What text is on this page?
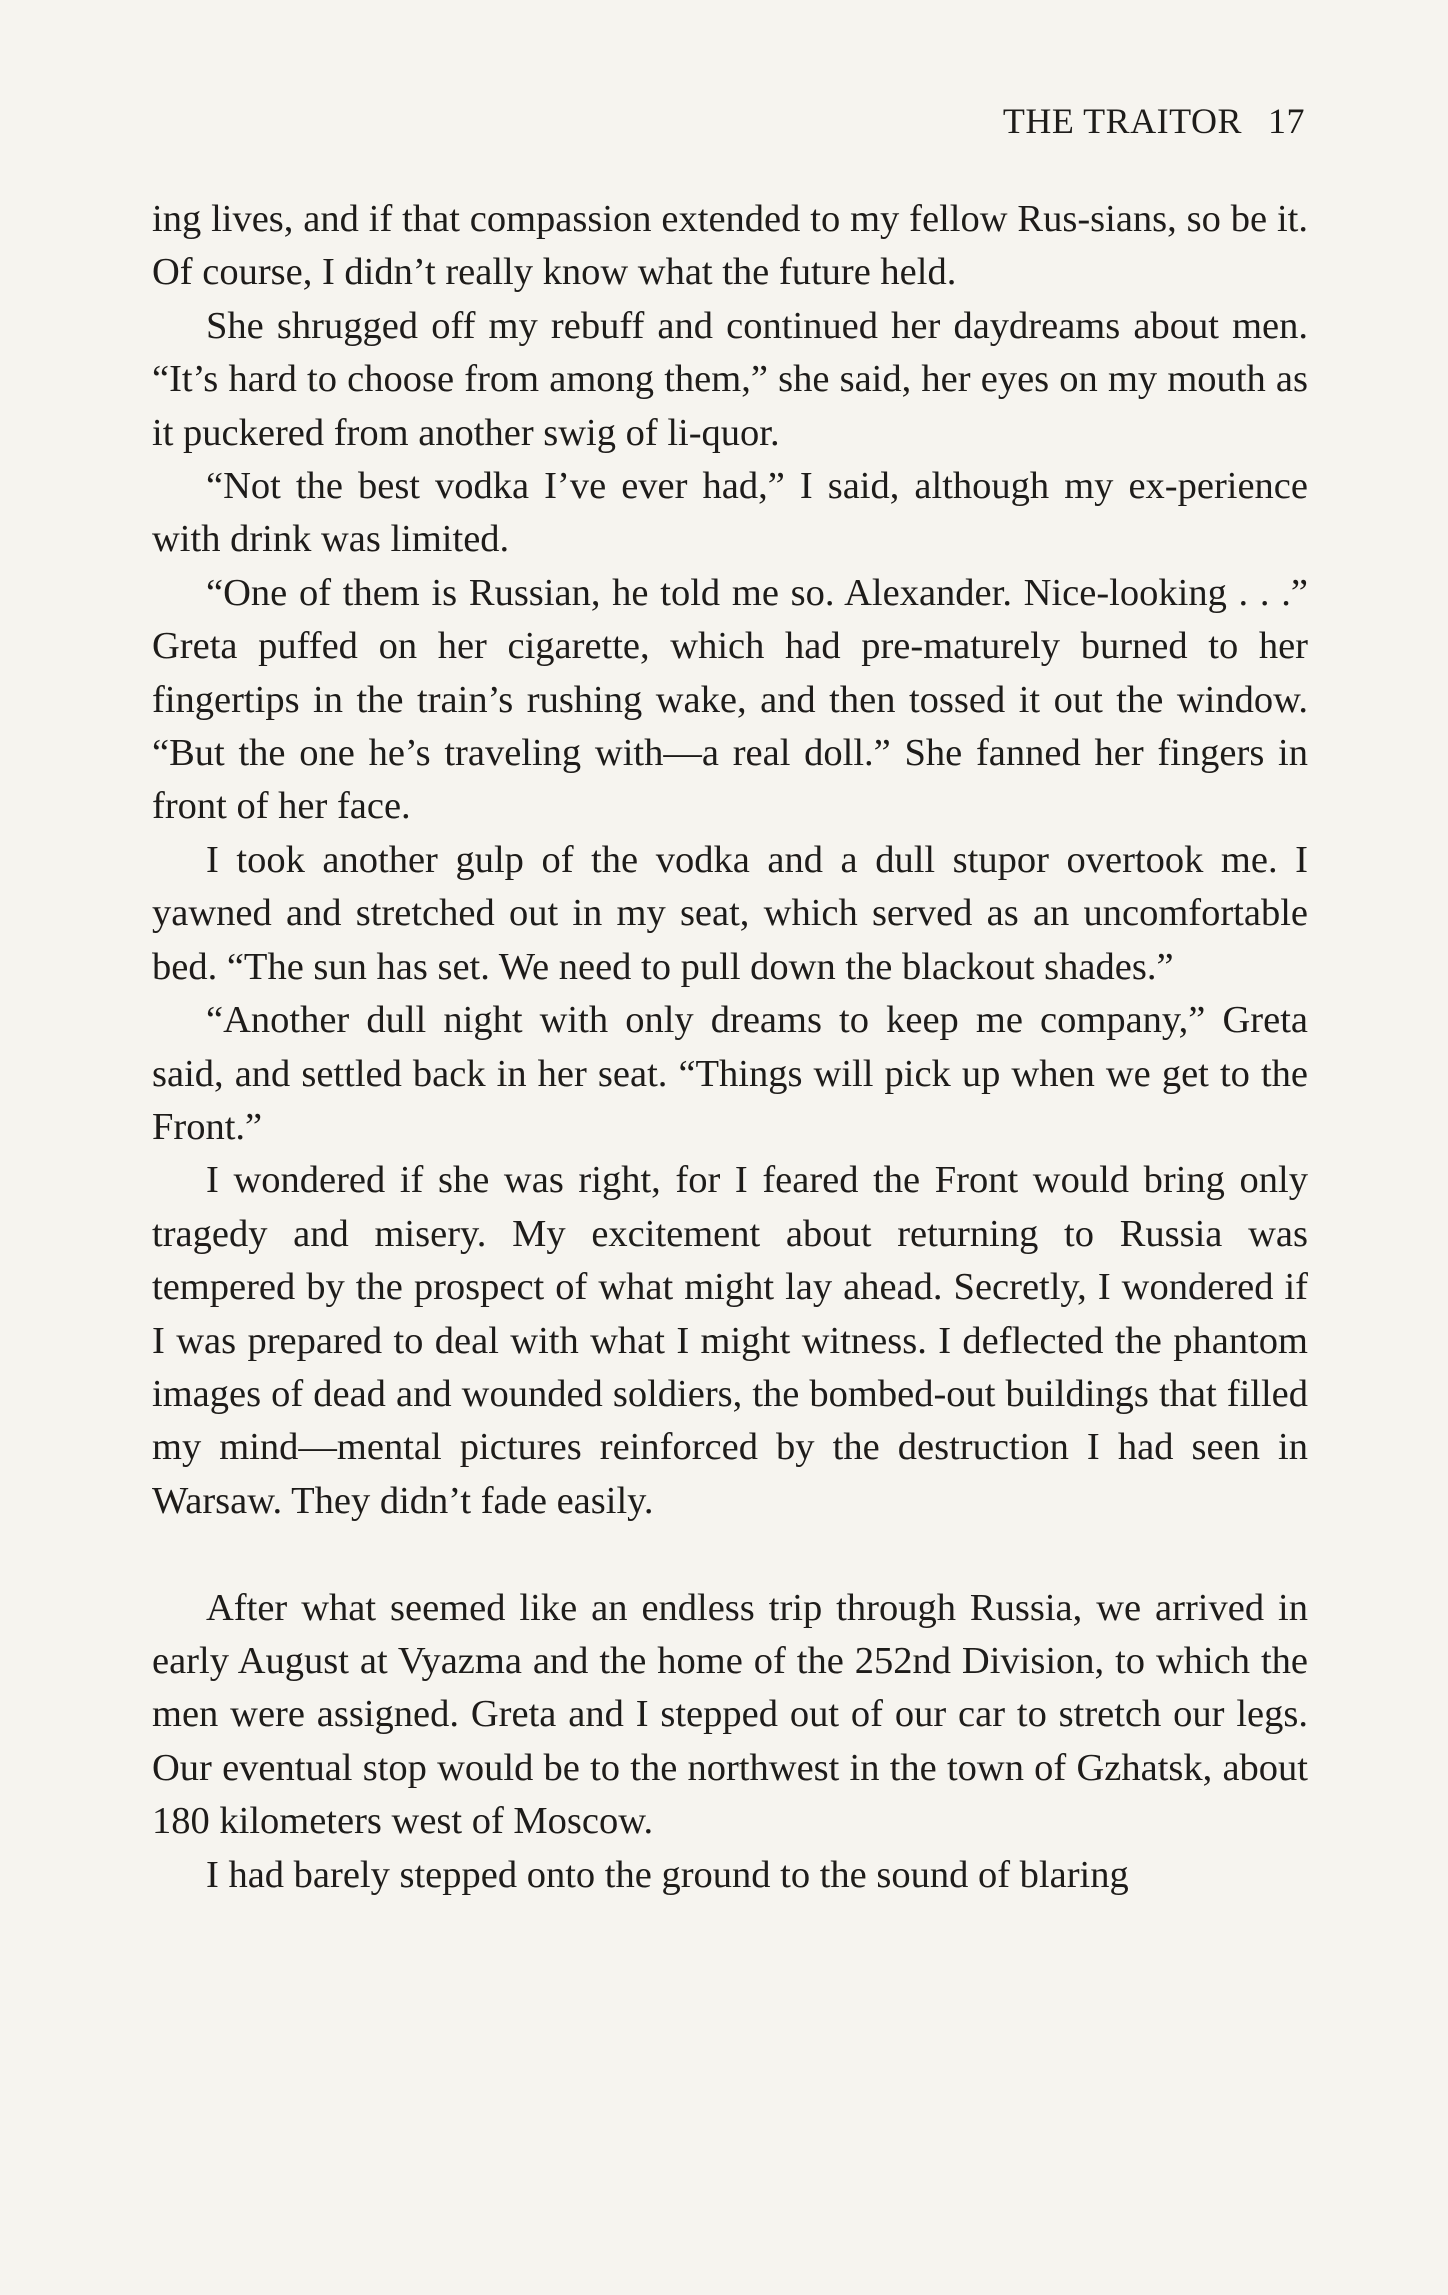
THE TRAITOR 17

ing lives, and if that compassion extended to my fellow Rus-sians, so be it. Of course, I didn’t really know what the future held.

She shrugged off my rebuff and continued her daydreams about men. “It’s hard to choose from among them,” she said, her eyes on my mouth as it puckered from another swig of li-quor.

“Not the best vodka I’ve ever had,” I said, although my ex-perience with drink was limited.

“One of them is Russian, he told me so. Alexander. Nice-looking . . .” Greta puffed on her cigarette, which had pre-maturely burned to her fingertips in the train’s rushing wake, and then tossed it out the window. “But the one he’s traveling with—a real doll.” She fanned her fingers in front of her face.

I took another gulp of the vodka and a dull stupor overtook me. I yawned and stretched out in my seat, which served as an uncomfortable bed. “The sun has set. We need to pull down the blackout shades.”

“Another dull night with only dreams to keep me company,” Greta said, and settled back in her seat. “Things will pick up when we get to the Front.”

I wondered if she was right, for I feared the Front would bring only tragedy and misery. My excitement about returning to Russia was tempered by the prospect of what might lay ahead. Secretly, I wondered if I was prepared to deal with what I might witness. I deflected the phantom images of dead and wounded soldiers, the bombed-out buildings that filled my mind—mental pictures reinforced by the destruction I had seen in Warsaw. They didn’t fade easily.

After what seemed like an endless trip through Russia, we arrived in early August at Vyazma and the home of the 252nd Division, to which the men were assigned. Greta and I stepped out of our car to stretch our legs. Our eventual stop would be to the northwest in the town of Gzhatsk, about 180 kilometers west of Moscow.

I had barely stepped onto the ground to the sound of blaring
